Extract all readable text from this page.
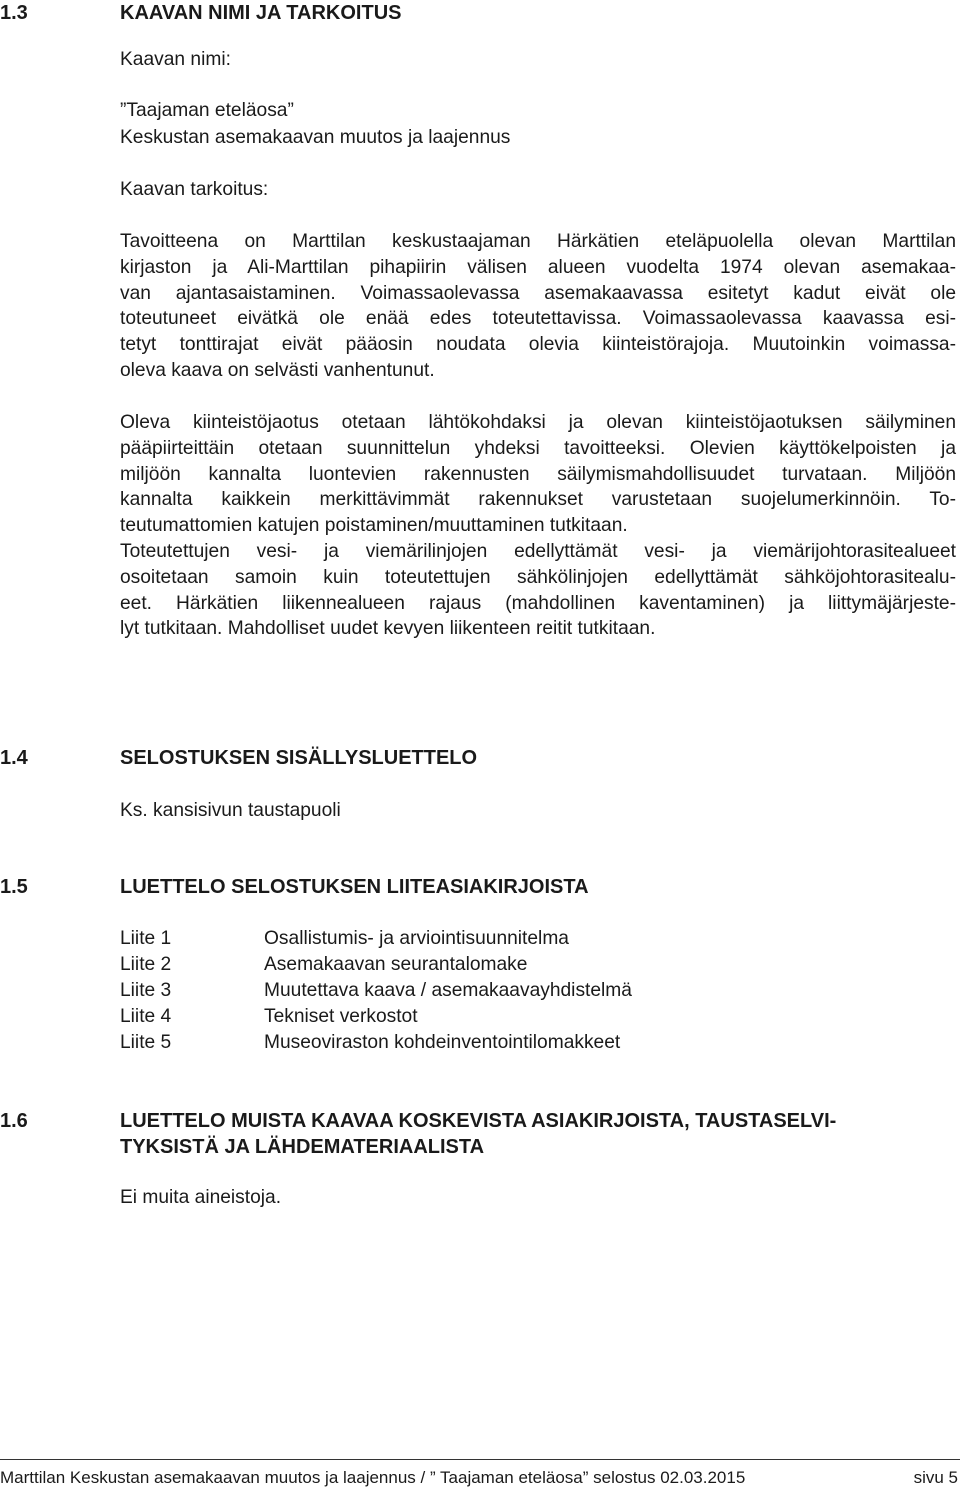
1.3	KAAVAN NIMI JA TARKOITUS
Kaavan nimi:
”Taajaman eteläosa”
Keskustan asemakaavan muutos ja laajennus
Kaavan tarkoitus:
Tavoitteena on Marttilan keskustaajaman Härkätien eteläpuolella olevan Marttilan
kirjaston ja Ali-Marttilan pihapiirin välisen alueen vuodelta 1974 olevan asemakaa-
van ajantasaistaminen. Voimassaolevassa asemakaavassa esitetyt kadut eivät ole
toteutuneet eivätkä ole enää edes toteutettavissa. Voimassaolevassa kaavassa esi-
tetyt tonttirajat eivät pääosin noudata olevia kiinteistörajoja. Muutoinkin voimassa-
oleva kaava on selvästi vanhentunut.
Oleva kiinteistöjaotus otetaan lähtökohdaksi ja olevan kiinteistöjaotuksen säilyminen
pääpiirteittäin otetaan suunnittelun yhdeksi tavoitteeksi. Olevien käyttökelpoisten ja
miljöön kannalta luontevien rakennusten säilymismahdollisuudet turvataan. Miljöön
kannalta kaikkein merkittävimmät rakennukset varustetaan suojelumerkinnöin. To-
teutumattomien katujen poistaminen/muuttaminen tutkitaan.
Toteutettujen vesi- ja viemärilinjojen edellyttämät vesi- ja viemärijohtorasitealueet
osoitetaan samoin kuin toteutettujen sähkölinjojen edellyttämät sähköjohtorasitealu-
eet. Härkätien liikennealueen rajaus (mahdollinen kaventaminen) ja liittymäjärjeste-
lyt tutkitaan. Mahdolliset uudet kevyen liikenteen reitit tutkitaan.
1.4	SELOSTUKSEN SISÄLLYSLUETTELO
Ks. kansisivun taustapuoli
1.5	LUETTELO SELOSTUKSEN LIITEASIAKIRJOISTA
Liite 1	Osallistumis- ja arviointisuunnitelma
Liite 2	Asemakaavan seurantalomake
Liite 3	Muutettava kaava / asemakaavayhdistelmä
Liite 4	Tekniset verkostot
Liite 5	Museoviraston kohdeinventointilomakkeet
1.6	LUETTELO MUISTA KAAVAA KOSKEVISTA ASIAKIRJOISTA, TAUSTASELVI-
TYKSISTÄ JA LÄHDEMATERIAALISTA
Ei muita aineistoja.
Marttilan Keskustan asemakaavan muutos ja laajennus / ” Taajaman eteläosa” selostus 02.03.2015	sivu 5
